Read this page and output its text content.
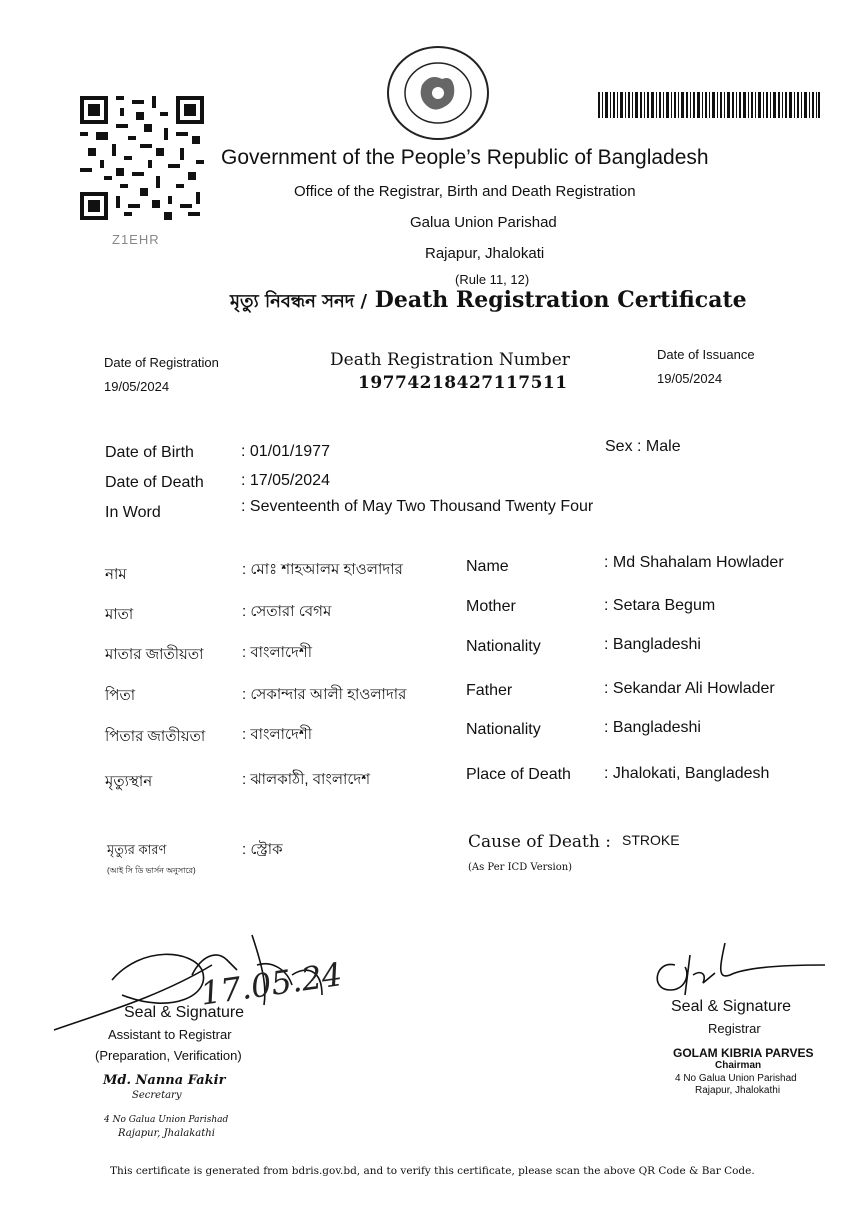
Z1EHR
Government of the People’s Republic of Bangladesh
Office of the Registrar, Birth and Death Registration
Galua Union Parishad
Rajapur, Jhalokati
(Rule 11, 12)
মৃত্যু নিবন্ধন সনদ / Death Registration Certificate
Date of Registration
19/05/2024
Death Registration Number
19774218427117511
Date of Issuance
19/05/2024
Date of Birth	: 01/01/1977
Date of Death : 17/05/2024
In Word	: Seventeenth of May Two Thousand Twenty Four
Sex : Male
নাম	: মোঃ শাহআলম হাওলাদার	Name	: Md Shahalam Howlader
মাতা	: সেতারা বেগম	Mother	: Setara Begum
মাতার জাতীয়তা	: বাংলাদেশী	Nationality	: Bangladeshi
পিতা	: সেকান্দার আলী হাওলাদার	Father	: Sekandar Ali Howlader
পিতার জাতীয়তা : বাংলাদেশী	Nationality	: Bangladeshi
মৃত্যুস্থান	: ঝালকাঠী, বাংলাদেশ	Place of Death : Jhalokati, Bangladesh
মৃত্যুর কারণ
(আই সি ডি ভার্সন অনুসারে)
: স্ট্রোক	Cause of Death : STROKE
(As Per ICD Version)
17.05.24
Seal & Signature
Assistant to Registrar
(Preparation, Verification)
Md. Nanna Fakir
Secretary
4 No Galua Union Parishad
Rajapur, Jhalakathi
Seal & Signature
Registrar
GOLAM KIBRIA PARVES
Chairman
4 No Galua Union Parishad
Rajapur, Jhalokathi
This certificate is generated from bdris.gov.bd, and to verify this certificate, please scan the above QR Code & Bar Code.
